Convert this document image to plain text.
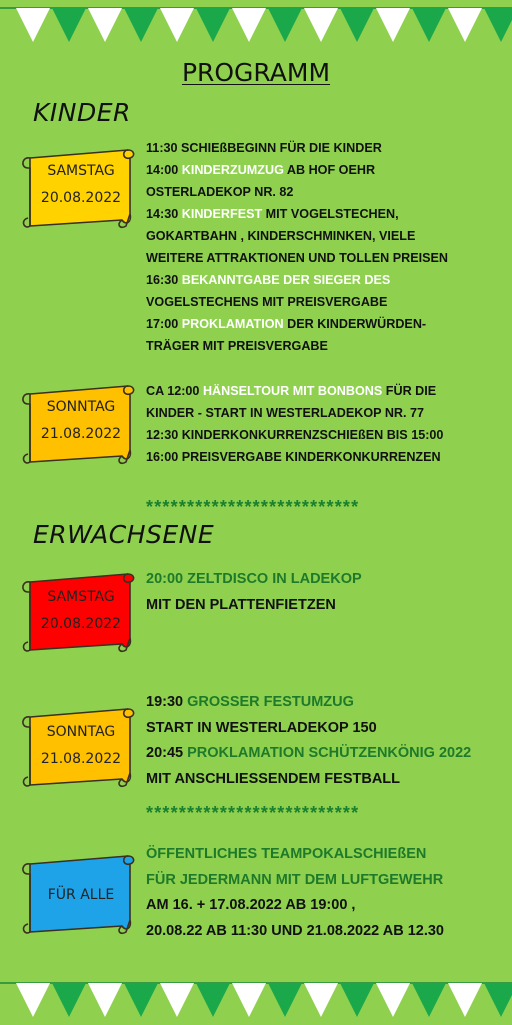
PROGRAMM
KINDER
SAMSTAG
20.08.2022
11:30 SCHIEßBEGINN FÜR DIE KINDER
14:00 KINDERZUMZUG AB HOF OEHR
OSTERLADEKOP NR. 82
14:30 KINDERFEST MIT VOGELSTECHEN,
GOKARTBAHN , KINDERSCHMINKEN, VIELE
WEITERE ATTRAKTIONEN UND TOLLEN PREISEN
16:30 BEKANNTGABE DER SIEGER DES
VOGELSTECHENS MIT PREISVERGABE
17:00 PROKLAMATION DER KINDERWÜRDEN-
TRÄGER MIT PREISVERGABE
SONNTAG
21.08.2022
CA 12:00 HÄNSELTOUR MIT BONBONS FÜR DIE
KINDER - START IN WESTERLADEKOP NR. 77
12:30 KINDERKONKURRENZSCHIEßEN BIS 15:00
16:00 PREISVERGABE KINDERKONKURRENZEN
**************************
ERWACHSENE
SAMSTAG
20.08.2022
20:00 ZELTDISCO IN LADEKOP
MIT DEN PLATTENFIETZEN
SONNTAG
21.08.2022
19:30 GROSSER FESTUMZUG
START IN WESTERLADEKOP 150
20:45 PROKLAMATION SCHÜTZENKÖNIG 2022
MIT ANSCHLIESSENDEM FESTBALL
**************************
FÜR ALLE
ÖFFENTLICHES TEAMPOKALSCHIEßEN
FÜR JEDERMANN MIT DEM LUFTGEWEHR
AM 16. + 17.08.2022 AB 19:00 ,
20.08.22 AB 11:30 UND 21.08.2022 AB 12.30
